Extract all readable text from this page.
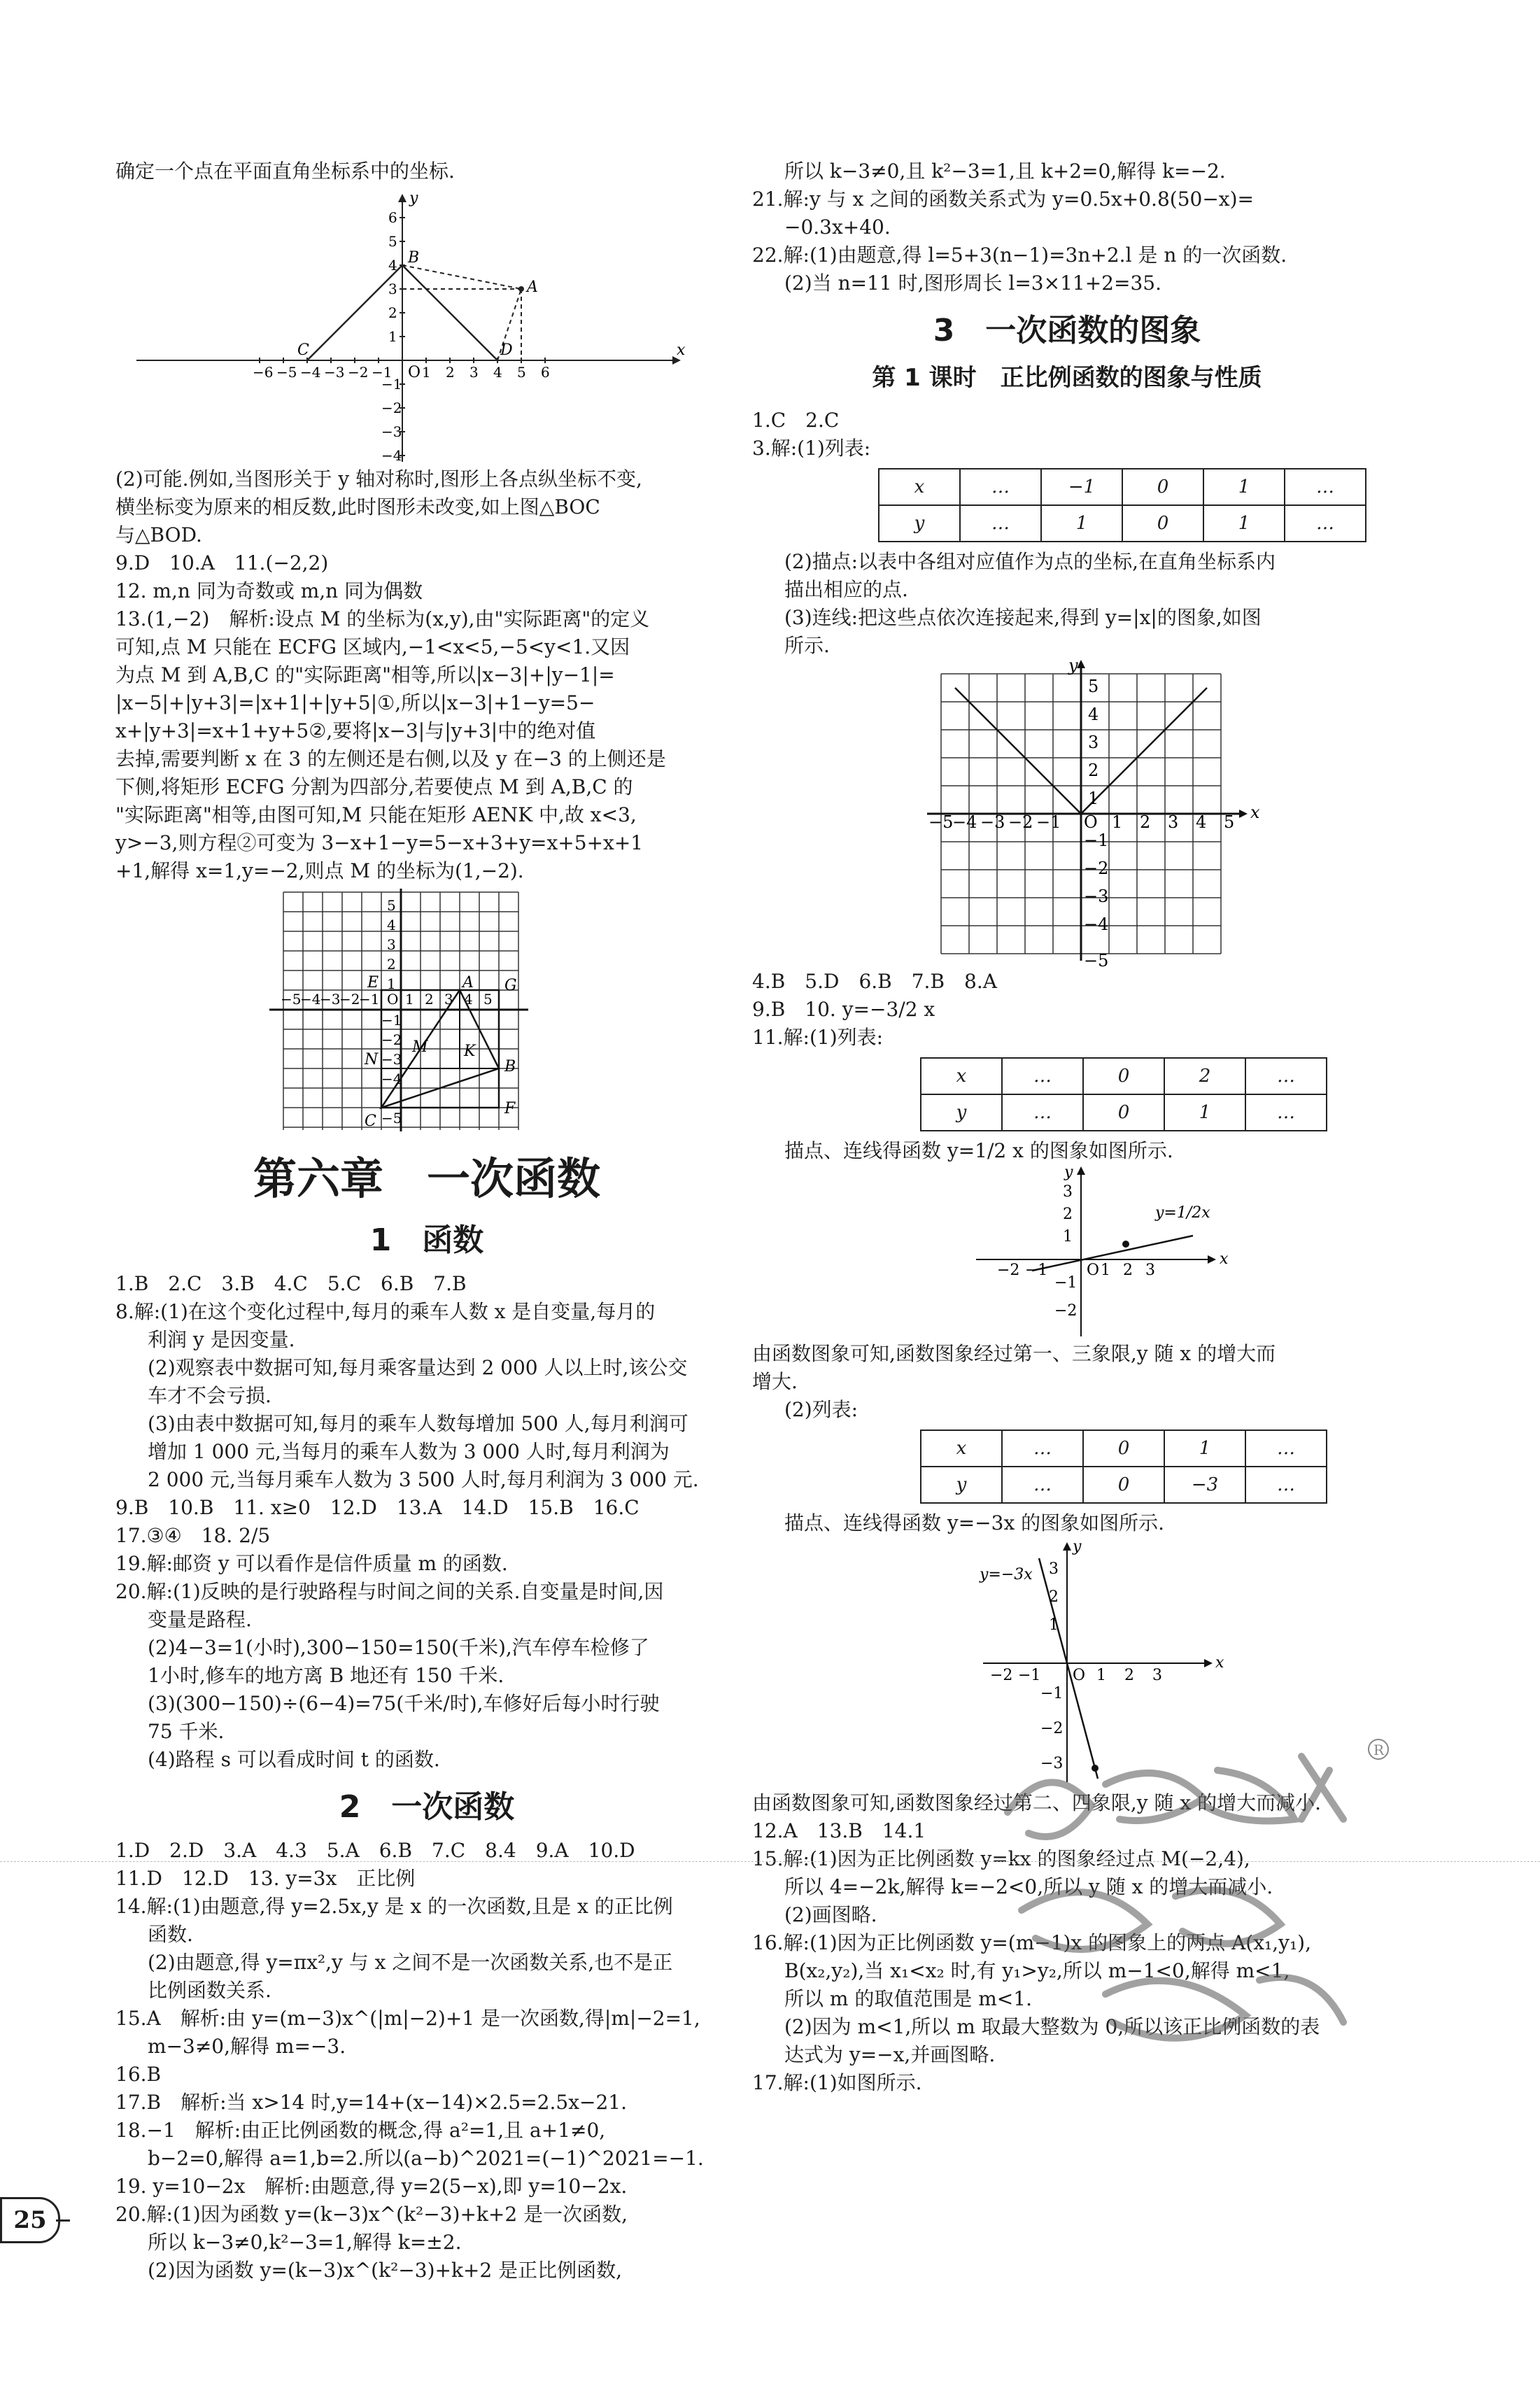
确定一个点在平面直角坐标系中的坐标.

y
x
O
−6 −5 −4 −3 −2 −1 1 2 3 4 5 6
6
5
4
3
2
1
−1
−2
−3
−4
B
A
C	D

(2)可能.例如,当图形关于 y 轴对称时,图形上各点纵坐标不变,

横坐标变为原来的相反数,此时图形未改变,如上图△BOC

与△BOD.

9.D　10.A　11.(−2,2)

12. m,n 同为奇数或 m,n 同为偶数

13.(1,−2)　解析:设点 M 的坐标为(x,y),由"实际距离"的定义

可知,点 M 只能在 ECFG 区域内,−1<x<5,−5<y<1.又因

为点 M 到 A,B,C 的"实际距离"相等,所以|x−3|+|y−1|=

|x−5|+|y+3|=|x+1|+|y+5|①,所以|x−3|+1−y=5−

x+|y+3|=x+1+y+5②,要将|x−3|与|y+3|中的绝对值

去掉,需要判断 x 在 3 的左侧还是右侧,以及 y 在−3 的上侧还是

下侧,将矩形 ECFG 分割为四部分,若要使点 M 到 A,B,C 的

"实际距离"相等,由图可知,M 只能在矩形 AENK 中,故 x<3,

y>−3,则方程②可变为 3−x+1−y=5−x+3+y=x+5+x+1

+1,解得 x=1,y=−2,则点 M 的坐标为(1,−2).

−5
−4
−3
−2
−1 O 1 2 3 4 5
5
4
3
2
1
−1
−2
−3
−4
−5
E	A G
B
F
C
N
M K
第六章　一次函数
1　函数

1.B　2.C　3.B　4.C　5.C　6.B　7.B

8.解:(1)在这个变化过程中,每月的乘车人数 x 是自变量,每月的

利润 y 是因变量.

(2)观察表中数据可知,每月乘客量达到 2 000 人以上时,该公交

车才不会亏损.

(3)由表中数据可知,每月的乘车人数每增加 500 人,每月利润可

增加 1 000 元,当每月的乘车人数为 3 000 人时,每月利润为

2 000 元,当每月乘车人数为 3 500 人时,每月利润为 3 000 元.

9.B　10.B　11. x≥0　12.D　13.A　14.D　15.B　16.C

17.③④　18. 2/5

19.解:邮资 y 可以看作是信件质量 m 的函数.

20.解:(1)反映的是行驶路程与时间之间的关系.自变量是时间,因

变量是路程.

(2)4−3=1(小时),300−150=150(千米),汽车停车检修了

1小时,修车的地方离 B 地还有 150 千米.

(3)(300−150)÷(6−4)=75(千米/时),车修好后每小时行驶

75 千米.

(4)路程 s 可以看成时间 t 的函数.

2　一次函数

1.D　2.D　3.A　4.3　5.A　6.B　7.C　8.4　9.A　10.D

11.D　12.D　13. y=3x　正比例

14.解:(1)由题意,得 y=2.5x,y 是 x 的一次函数,且是 x 的正比例

函数.

(2)由题意,得 y=πx²,y 与 x 之间不是一次函数关系,也不是正

比例函数关系.

15.A　解析:由 y=(m−3)x^(|m|−2)+1 是一次函数,得|m|−2=1,

m−3≠0,解得 m=−3.

16.B

17.B　解析:当 x>14 时,y=14+(x−14)×2.5=2.5x−21.

18.−1　解析:由正比例函数的概念,得 a²=1,且 a+1≠0,

b−2=0,解得 a=1,b=2.所以(a−b)^2021=(−1)^2021=−1.

19. y=10−2x　解析:由题意,得 y=2(5−x),即 y=10−2x.

20.解:(1)因为函数 y=(k−3)x^(k²−3)+k+2 是一次函数,

所以 k−3≠0,k²−3=1,解得 k=±2.

(2)因为函数 y=(k−3)x^(k²−3)+k+2 是正比例函数,

所以 k−3≠0,且 k²−3=1,且 k+2=0,解得 k=−2.

21.解:y 与 x 之间的函数关系式为 y=0.5x+0.8(50−x)=

−0.3x+40.

22.解:(1)由题意,得 l=5+3(n−1)=3n+2.l 是 n 的一次函数.

(2)当 n=11 时,图形周长 l=3×11+2=35.

3　一次函数的图象
第 1 课时　正比例函数的图象与性质

1.C　2.C

3.解:(1)列表:

x	…	−1	0	1	…
y	…	1	0	1	…

(2)描点:以表中各组对应值作为点的坐标,在直角坐标系内

描出相应的点.

(3)连线:把这些点依次连接起来,得到 y=|x|的图象,如图

所示.

x
y
−5
−4 −3 −2 −1 O 1 2 3 4 5
5
4
3
2
1
−1
−2
−3
−4
−5

4.B　5.D　6.B　7.B　8.A

9.B　10. y=−3/2 x

11.解:(1)列表:

x	…	0	2	…
y	…	0	1	…

描点、连线得函数 y=1/2 x 的图象如图所示.

x
y
O
−2 −1	1 2 3
3
2
1
−1
−2
y=1/2x

由函数图象可知,函数图象经过第一、三象限,y 随 x 的增大而

增大.

(2)列表:

x	…	0	1	…
y	…	0	−3	…

描点、连线得函数 y=−3x 的图象如图所示.

x
y
O
−2 −1	1 2 3
3
2
1
−1
−2
−3
y=−3x

由函数图象可知,函数图象经过第二、四象限,y 随 x 的增大而减小.

12.A　13.B　14.1

15.解:(1)因为正比例函数 y=kx 的图象经过点 M(−2,4),

所以 4=−2k,解得 k=−2<0,所以 y 随 x 的增大而减小.

(2)画图略.

16.解:(1)因为正比例函数 y=(m−1)x 的图象上的两点 A(x₁,y₁),

B(x₂,y₂),当 x₁<x₂ 时,有 y₁>y₂,所以 m−1<0,解得 m<1,

所以 m 的取值范围是 m<1.

(2)因为 m<1,所以 m 取最大整数为 0,所以该正比例函数的表

达式为 y=−x,并画图略.

17.解:(1)如图所示.

R
25
